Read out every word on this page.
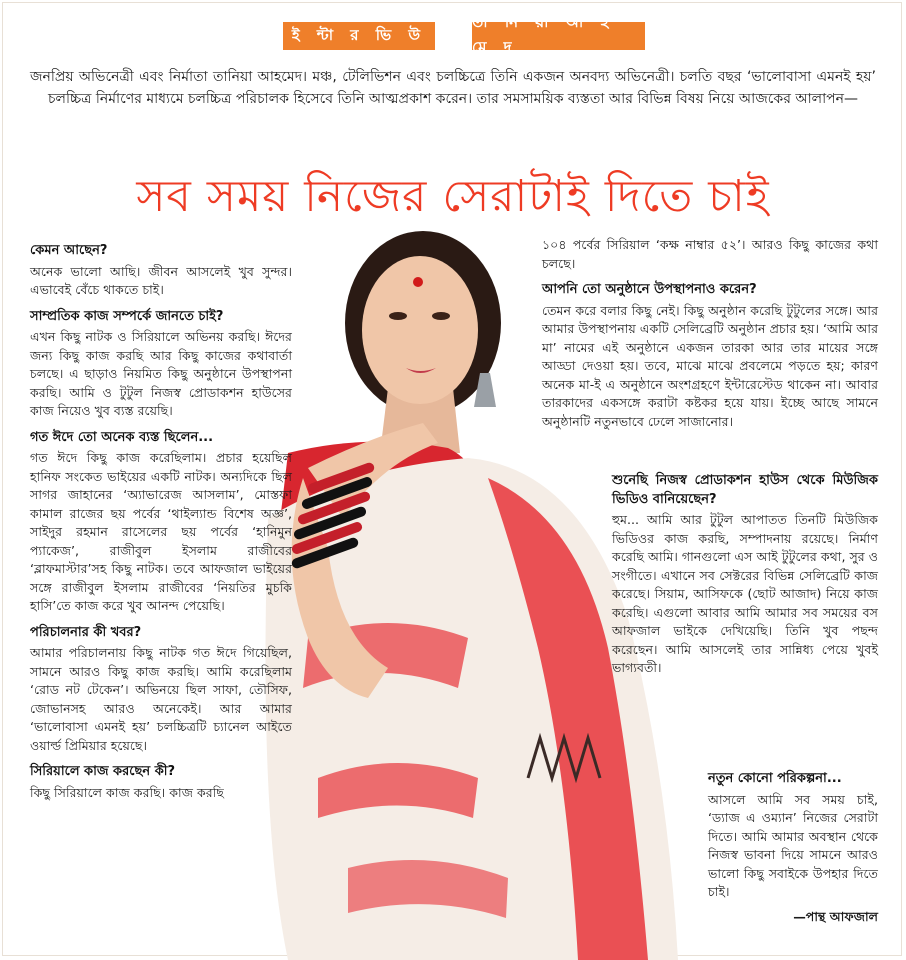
ই ন্টা র ভি উ
তা নি য়া আ হ মে দ
জনপ্রিয় অভিনেত্রী এবং নির্মাতা তানিয়া আহমেদ। মঞ্চ, টেলিভিশন এবং চলচ্চিত্রে তিনি একজন অনবদ্য অভিনেত্রী। চলতি বছর ‘ভালোবাসা এমনই হয়’ চলচ্চিত্র নির্মাণের মাধ্যমে চলচ্চিত্র পরিচালক হিসেবে তিনি আত্মপ্রকাশ করেন। তার সমসাময়িক ব্যস্ততা আর বিভিন্ন বিষয় নিয়ে আজকের আলাপন—
সব সময় নিজের সেরাটাই দিতে চাই
কেমন আছেন?

অনেক ভালো আছি। জীবন আসলেই খুব সুন্দর। এভাবেই বেঁচে থাকতে চাই।

সাম্প্রতিক কাজ সম্পর্কে জানতে চাই?

এখন কিছু নাটক ও সিরিয়ালে অভিনয় করছি। ঈদের জন্য কিছু কাজ করছি আর কিছু কাজের কথাবার্তা চলছে। এ ছাড়াও নিয়মিত কিছু অনুষ্ঠানে উপস্থাপনা করছি। আমি ও টুটুল নিজস্ব প্রোডাকশন হাউসের কাজ নিয়েও খুব ব্যস্ত রয়েছি।

গত ঈদে তো অনেক ব্যস্ত ছিলেন...

গত ঈদে কিছু কাজ করেছিলাম। প্রচার হয়েছিল হানিফ সংকেত ভাইয়ের একটি নাটক। অন্যদিকে ছিল সাগর জাহানের ‘অ্যাভারেজ আসলাম’, মোস্তফা কামাল রাজের ছয় পর্বের ‘থাইল্যান্ড বিশেষ অজ্ঞ’, সাইদুর রহমান রাসেলের ছয় পর্বের ‘হানিমুন প্যাকেজ’, রাজীবুল ইসলাম রাজীবের ‘ব্লাফমাস্টার’সহ কিছু নাটক। তবে আফজাল ভাইয়ের সঙ্গে রাজীবুল ইসলাম রাজীবের ‘নিয়তির মুচকি হাসি’তে কাজ করে খুব আনন্দ পেয়েছি।

পরিচালনার কী খবর?

আমার পরিচালনায় কিছু নাটক গত ঈদে গিয়েছিল, সামনে আরও কিছু কাজ করছি। আমি করেছিলাম ‘রোড নট টেকেন’। অভিনয়ে ছিল সাফা, তৌসিফ, জোভানসহ আরও অনেকেই। আর আমার ‘ভালোবাসা এমনই হয়’ চলচ্চিত্রটি চ্যানেল আইতে ওয়ার্ল্ড প্রিমিয়ার হয়েছে।

সিরিয়ালে কাজ করছেন কী?

কিছু সিরিয়ালে কাজ করছি। কাজ করছি

১০৪ পর্বের সিরিয়াল ‘কক্ষ নাম্বার ৫২’। আরও কিছু কাজের কথা চলছে।

আপনি তো অনুষ্ঠানে উপস্থাপনাও করেন?

তেমন করে বলার কিছু নেই। কিছু অনুষ্ঠান করেছি টুটুলের সঙ্গে। আর আমার উপস্থাপনায় একটি সেলিব্রেটি অনুষ্ঠান প্রচার হয়। ‘আমি আর মা’ নামের এই অনুষ্ঠানে একজন তারকা আর তার মায়ের সঙ্গে আড্ডা দেওয়া হয়। তবে, মাঝে মাঝে প্রবলেমে পড়তে হয়; কারণ অনেক মা-ই এ অনুষ্ঠানে অংশগ্রহণে ইন্টারেস্টেড থাকেন না। আবার তারকাদের একসঙ্গে করাটা কষ্টকর হয়ে যায়। ইচ্ছে আছে সামনে অনুষ্ঠানটি নতুনভাবে ঢেলে সাজানোর।

শুনেছি নিজস্ব প্রোডাকশন হাউস থেকে মিউজিক ভিডিও বানিয়েছেন?

হুম... আমি আর টুটুল আপাতত তিনটি মিউজিক ভিডিওর কাজ করছি, সম্পাদনায় রয়েছে। নির্মাণ করেছি আমি। গানগুলো এস আই টুটুলের কথা, সুর ও সংগীতে। এখানে সব সেক্টরের বিভিন্ন সেলিব্রেটি কাজ করেছে। সিয়াম, আসিফকে (ছোট আজাদ) নিয়ে কাজ করেছি। এগুলো আবার আমি আমার সব সময়ের বস আফজাল ভাইকে দেখিয়েছি। তিনি খুব পছন্দ করেছেন। আমি আসলেই তার সান্নিধ্য পেয়ে খুবই ভাগ্যবতী।

নতুন কোনো পরিকল্পনা...

আসলে আমি সব সময় চাই, ‘ড্যাজ এ ওম্যান’ নিজের সেরাটা দিতে। আমি আমার অবস্থান থেকে নিজস্ব ভাবনা দিয়ে সামনে আরও ভালো কিছু সবাইকে উপহার দিতে চাই।

—পান্থ আফজাল
